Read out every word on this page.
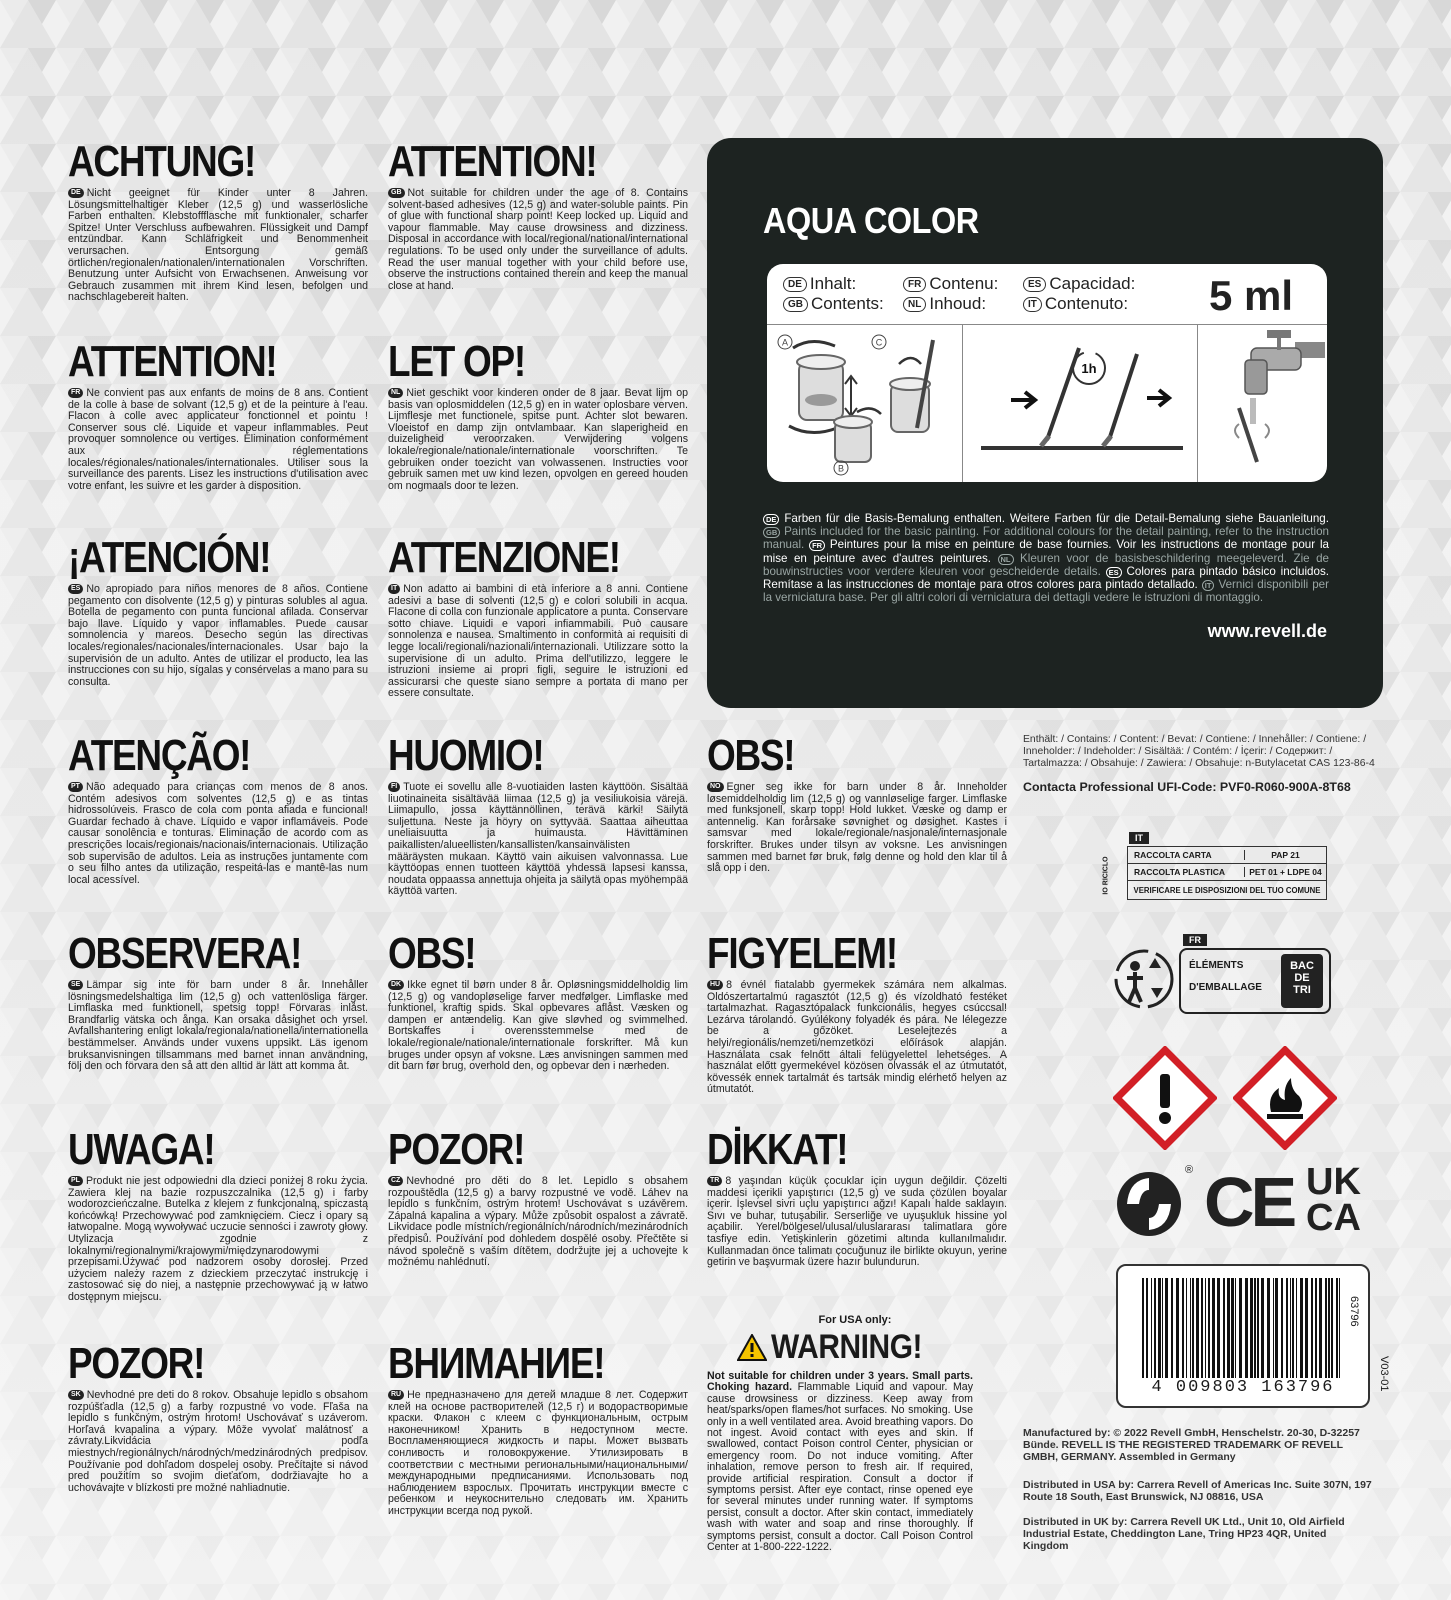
ACHTUNG!

DE Nicht geeignet für Kinder unter 8 Jahren. Lösungsmittelhaltiger Kleber (12,5 g) und wasserlösliche Farben enthalten. Klebstoffflasche mit funktionaler, scharfer Spitze! Unter Verschluss aufbewahren. Flüssigkeit und Dampf entzündbar. Kann Schläfrigkeit und Benommenheit verursachen. Entsorgung gemäß örtlichen/regionalen/nationalen/internationalen Vorschriften. Benutzung unter Aufsicht von Erwachsenen. Anweisung vor Gebrauch zusammen mit ihrem Kind lesen, befolgen und nachschlagebereit halten.

ATTENTION!

GB Not suitable for children under the age of 8. Contains solvent-based adhesives (12,5 g) and water-soluble paints. Pin of glue with functional sharp point! Keep locked up. Liquid and vapour flammable. May cause drowsiness and dizziness. Disposal in accordance with local/regional/national/international regulations. To be used only under the surveillance of adults. Read the user manual together with your child before use, observe the instructions contained therein and keep the manual close at hand.

ATTENTION!

FR Ne convient pas aux enfants de moins de 8 ans. Contient de la colle à base de solvant (12,5 g) et de la peinture à l'eau. Flacon à colle avec applicateur fonctionnel et pointu ! Conserver sous clé. Liquide et vapeur inflammables. Peut provoquer somnolence ou vertiges. Élimination conformément aux réglementations locales/régionales/nationales/internationales. Utiliser sous la surveillance des parents. Lisez les instructions d'utilisation avec votre enfant, les suivre et les garder à disposition.

LET OP!

NL Niet geschikt voor kinderen onder de 8 jaar. Bevat lijm op basis van oplosmiddelen (12,5 g) en in water oplosbare verven. Lijmflesje met functionele, spitse punt. Achter slot bewaren. Vloeistof en damp zijn ontvlambaar. Kan slaperigheid en duizeligheid veroorzaken. Verwijdering volgens lokale/regionale/nationale/internationale voorschriften. Te gebruiken onder toezicht van volwassenen. Instructies voor gebruik samen met uw kind lezen, opvolgen en gereed houden om nogmaals door te lezen.

¡ATENCIÓN!

ES No apropiado para niños menores de 8 años. Contiene pegamento con disolvente (12,5 g) y pinturas solubles al agua. Botella de pegamento con punta funcional afilada. Conservar bajo llave. Líquido y vapor inflamables. Puede causar somnolencia y mareos. Desecho según las directivas locales/regionales/nacionales/internacionales. Usar bajo la supervisión de un adulto. Antes de utilizar el producto, lea las instrucciones con su hijo, sígalas y consérvelas a mano para su consulta.

ATTENZIONE!

IT Non adatto ai bambini di età inferiore a 8 anni. Contiene adesivi a base di solventi (12,5 g) e colori solubili in acqua. Flacone di colla con funzionale applicatore a punta. Conservare sotto chiave. Liquidi e vapori infiammabili. Può causare sonnolenza e nausea. Smaltimento in conformità ai requisiti di legge locali/regionali/nazionali/internazionali. Utilizzare sotto la supervisione di un adulto. Prima dell'utilizzo, leggere le istruzioni insieme ai propri figli, seguire le istruzioni ed assicurarsi che queste siano sempre a portata di mano per essere consultate.

ATENÇÃO!

PT Não adequado para crianças com menos de 8 anos. Contém adesivos com solventes (12,5 g) e as tintas hidrossolúveis. Frasco de cola com ponta afiada e funcional! Guardar fechado à chave. Líquido e vapor inflamáveis. Pode causar sonolência e tonturas. Eliminação de acordo com as prescrições locais/regionais/nacionais/internacionais. Utilização sob supervisão de adultos. Leia as instruções juntamente com o seu filho antes da utilização, respeitá-las e mantê-las num local acessível.

HUOMIO!

FI Tuote ei sovellu alle 8-vuotiaiden lasten käyttöön. Sisältää liuotinaineita sisältävää liimaa (12,5 g) ja vesiliukoisia värejä. Liimapullo, jossa käyttännöllinen, terävä kärki! Säilytä suljettuna. Neste ja höyry on syttyvää. Saattaa aiheuttaa uneliaisuutta ja huimausta. Hävittäminen paikallisten/alueellisten/kansallisten/kansainvälisten määräysten mukaan. Käyttö vain aikuisen valvonnassa. Lue käyttöopas ennen tuotteen käyttöä yhdessä lapsesi kanssa, noudata oppaassa annettuja ohjeita ja säilytä opas myöhempää käyttöä varten.

OBS!

NO Egner seg ikke for barn under 8 år. Inneholder løsemiddelholdig lim (12,5 g) og vannløselige farger. Limflaske med funksjonell, skarp topp! Hold lukket. Væske og damp er antennelig. Kan forårsake søvnighet og døsighet. Kastes i samsvar med lokale/regionale/nasjonale/internasjonale forskrifter. Brukes under tilsyn av voksne. Les anvisningen sammen med barnet før bruk, følg denne og hold den klar til å slå opp i den.

OBSERVERA!

SE Lämpar sig inte för barn under 8 år. Innehåller lösningsmedelshaltiga lim (12,5 g) och vattenlösliga färger. Limflaska med funktionell, spetsig topp! Förvaras inlåst. Brandfarlig vätska och ånga. Kan orsaka dåsighet och yrsel. Avfallshantering enligt lokala/regionala/nationella/internationella bestämmelser. Används under vuxens uppsikt. Läs igenom bruksanvisningen tillsammans med barnet innan användning, följ den och förvara den så att den alltid är lätt att komma åt.

OBS!

DK Ikke egnet til børn under 8 år. Opløsningsmiddelholdig lim (12,5 g) og vandopløselige farver medfølger. Limflaske med funktionel, kraftig spids. Skal opbevares aflåst. Væsken og dampen er antændelig. Kan give sløvhed og svimmelhed. Bortskaffes i overensstemmelse med de lokale/regionale/nationale/internationale forskrifter. Må kun bruges under opsyn af voksne. Læs anvisningen sammen med dit barn før brug, overhold den, og opbevar den i nærheden.

FIGYELEM!

HU 8 évnél fiatalabb gyermekek számára nem alkalmas. Oldószertartalmú ragasztót (12,5 g) és vízoldható festéket tartalmazhat. Ragasztópalack funkcionális, hegyes csúccsal! Lezárva tárolandó. Gyúlékony folyadék és pára. Ne lélegezze be a gőzöket. Leselejtezés a helyi/regionális/nemzeti/nemzetközi előírások alapján. Használata csak felnőtt általi felügyelettel lehetséges. A használat előtt gyermekével közösen olvassák el az útmutatót, kövessék ennek tartalmát és tartsák mindig elérhető helyen az útmutatót.

UWAGA!

PL Produkt nie jest odpowiedni dla dzieci poniżej 8 roku życia. Zawiera klej na bazie rozpuszczalnika (12,5 g) i farby wodorozcieńczalne. Butelka z klejem z funkcjonalną, spiczastą końcówką! Przechowywać pod zamknięciem. Ciecz i opary są łatwopalne. Mogą wywoływać uczucie senności i zawroty głowy. Utylizacja zgodnie z lokalnymi/regionalnymi/krajowymi/międzynarodowymi przepisami.Używać pod nadzorem osoby dorosłej. Przed użyciem należy razem z dzieckiem przeczytać instrukcję i zastosować się do niej, a następnie przechowywać ją w łatwo dostępnym miejscu.

POZOR!

CZ Nevhodné pro děti do 8 let. Lepidlo s obsahem rozpouštědla (12,5 g) a barvy rozpustné ve vodě. Láhev na lepidlo s funkčním, ostrým hrotem! Uschovávat s uzávěrem. Zápalná kapalina a výpary. Může způsobit ospalost a závratě. Likvidace podle místních/regionálních/národních/mezinárodních předpisů. Používání pod dohledem dospělé osoby. Přečtěte si návod společně s vaším dítětem, dodržujte jej a uchovejte k možnému nahlédnutí.

DİKKAT!

TR 8 yaşından küçük çocuklar için uygun değildir. Çözelti maddesi içerikli yapıştırıcı (12,5 g) ve suda çözülen boyalar içerir. İşlevsel sivri uçlu yapıştırıcı ağzı! Kapalı halde saklayın. Sıvı ve buhar, tutuşabilir. Serserliğe ve uyuşukluk hissine yol açabilir. Yerel/bölgesel/ulusal/uluslararası talimatlara göre tasfiye edin. Yetişkinlerin gözetimi altında kullanılmalıdır. Kullanmadan önce talimatı çocuğunuz ile birlikte okuyun, yerine getirin ve başvurmak üzere hazır bulundurun.

POZOR!

SK Nevhodné pre deti do 8 rokov. Obsahuje lepidlo s obsahom rozpúšťadla (12,5 g) a farby rozpustné vo vode. Fľaša na lepidlo s funkčným, ostrým hrotom! Uschovávať s uzáverom. Horľavá kvapalina a výpary. Môže vyvolať malátnosť a závraty.Likvidácia podľa miestnych/regionálnych/národných/medzinárodných predpisov. Používanie pod dohľadom dospelej osoby. Prečítajte si návod pred použitím so svojim dieťaťom, dodržiavajte ho a uchovávajte v blízkosti pre možné nahliadnutie.

ВНИМАНИЕ!

RU Не предназначено для детей младше 8 лет. Содержит клей на основе растворителей (12,5 г) и водорастворимые краски. Флакон с клеем с функциональным, острым наконечником! Хранить в недоступном месте. Воспламеняющиеся жидкость и пары. Может вызвать сонливость и головокружение. Утилизировать в соответствии с местными региональными/национальными/международными предписаниями. Использовать под наблюдением взрослых. Прочитать инструкции вместе с ребенком и неукоснительно следовать им. Хранить инструкции всегда под рукой.

For USA only:
WARNING!

Not suitable for children under 3 years. Small parts. Choking hazard. Flammable Liquid and vapour. May cause drowsiness or dizziness. Keep away from heat/sparks/open flames/hot surfaces. No smoking. Use only in a well ventilated area. Avoid breathing vapors. Do not ingest. Avoid contact with eyes and skin. If swallowed, contact Poison control Center, physician or emergency room. Do not induce vomiting. After inhalation, remove person to fresh air. If required, provide artificial respiration. Consult a doctor if symptoms persist. After eye contact, rinse opened eye for several minutes under running water. If symptoms persist, consult a doctor. After skin contact, immediately wash with water and soap and rinse thoroughly. If symptoms persist, consult a doctor. Call Poison Control Center at 1-800-222-1222.

AQUA COLOR
DE Inhalt:
GB Contents:
FR Contenu:
NL Inhoud:
ES Capacidad:
IT Contenuto: 5 ml
A	C
B
1h
DE Farben für die Basis-Bemalung enthalten. Weitere Farben für die Detail-Bemalung siehe Bauanleitung. GB Paints included for the basic painting. For additional colours for the detail painting, refer to the instruction manual. FR Peintures pour la mise en peinture de base fournies. Voir les instructions de montage pour la mise en peinture avec d'autres peintures. NL Kleuren voor de basisbeschildering meegeleverd. Zie de bouwinstructies voor verdere kleuren voor gescheiderde details. ES Colores para pintado básico incluidos. Remítase a las instrucciones de montaje para otros colores para pintado detallado. IT Vernici disponibili per la verniciatura base. Per gli altri colori di verniciatura dei dettagli vedere le istruzioni di montaggio.
www.revell.de
Enthält: / Contains: / Content: / Bevat: / Contiene: / Innehåller: / Contiene: / Inneholder: / Indeholder: / Sisältää: / Contém: / İçerir: / Содержит: / Tartalmazza: / Obsahuje: / Zawiera: / Obsahuje: n-Butylacetat CAS 123-86-4
Contacta Professional UFI-Code: PVF0-R060-900A-8T68
IT
IO RICICLO
RACCOLTA CARTA	PAP 21
RACCOLTA PLASTICA	PET 01 + LDPE 04
VERIFICARE LE DISPOSIZIONI DEL TUO COMUNE
FR
ÉLÉMENTS
D'EMBALLAGE
BAC
DE
TRI
® CE UK
CA
4 009803 163796
63796
V03-01
Manufactured by: © 2022 Revell GmbH, Henschelstr. 20-30, D-32257 Bünde. REVELL IS THE REGISTERED TRADEMARK OF REVELL GMBH, GERMANY. Assembled in Germany
Distributed in USA by: Carrera Revell of Americas Inc. Suite 307N, 197 Route 18 South, East Brunswick, NJ 08816, USA
Distributed in UK by: Carrera Revell UK Ltd., Unit 10, Old Airfield Industrial Estate, Cheddington Lane, Tring HP23 4QR, United Kingdom
